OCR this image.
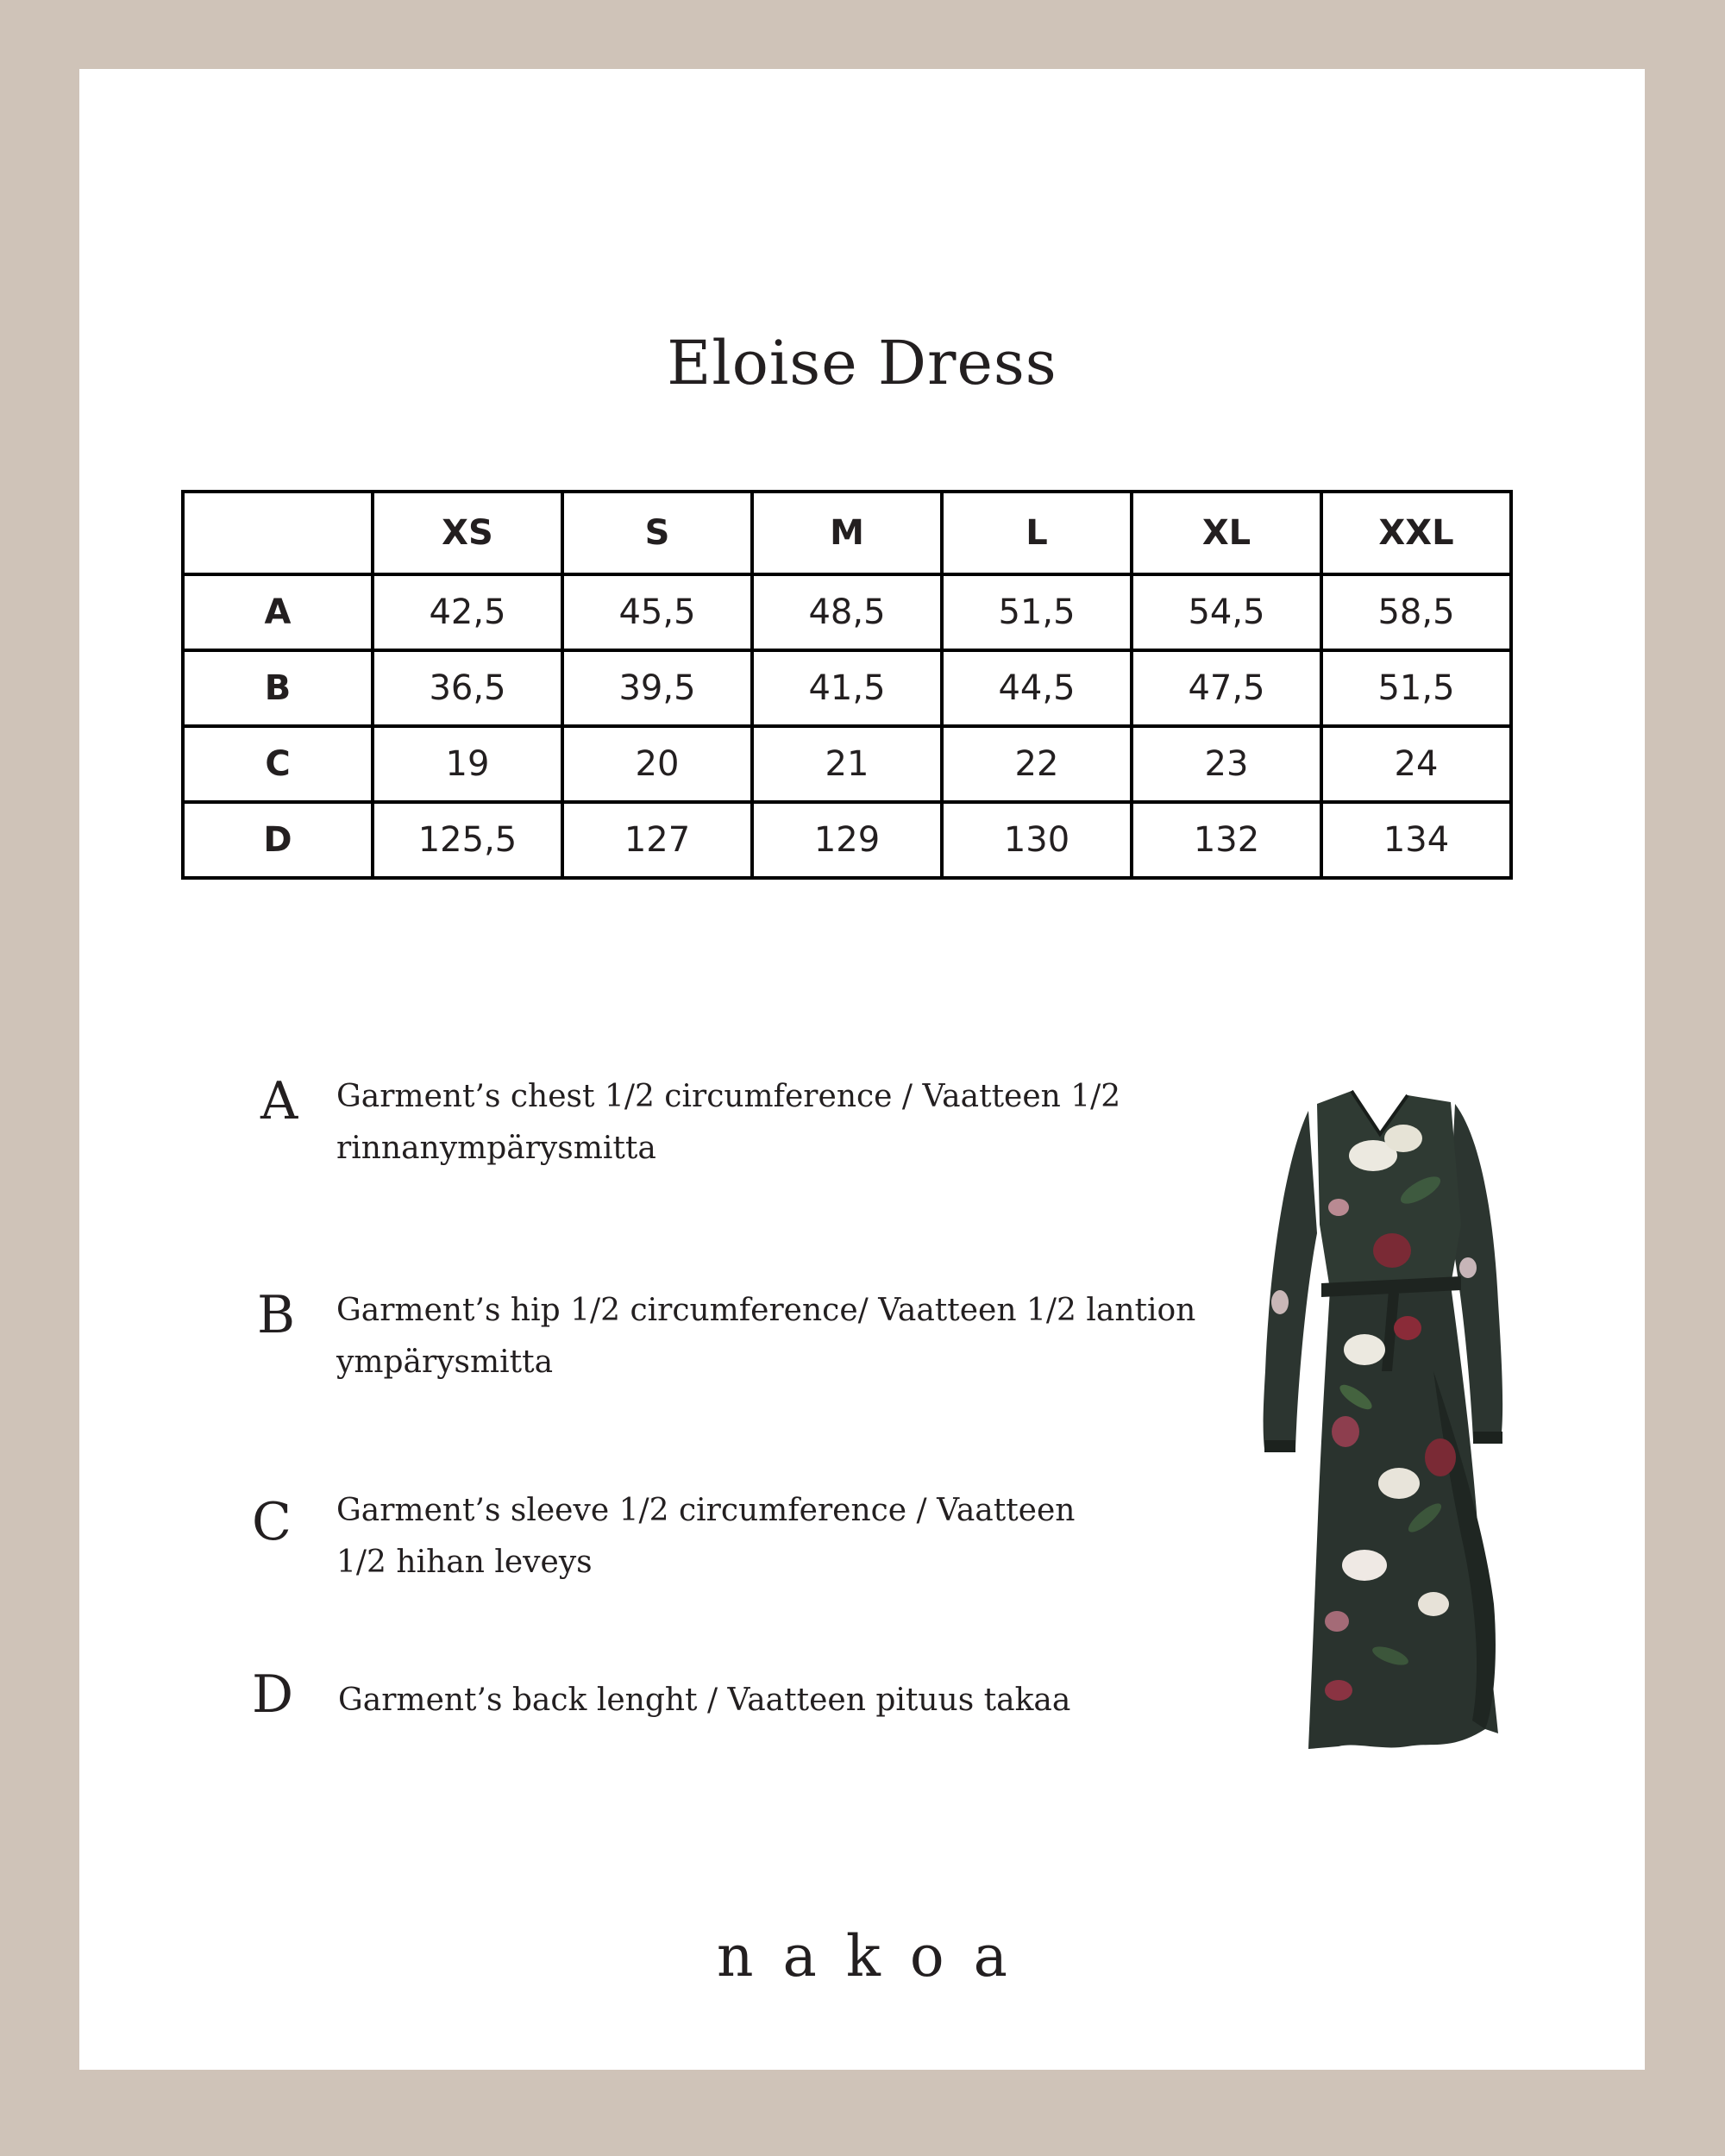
Eloise Dress
	XS	S	M	L	XL	XXL
A	42,5	45,5	48,5	51,5	54,5	58,5
B	36,5	39,5	41,5	44,5	47,5	51,5
C	19	20	21	22	23	24
D	125,5	127	129	130	132	134
A Garment’s chest 1/2 circumference / Vaatteen 1/2
rinnanympärysmitta
B Garment’s hip 1/2 circumference/ Vaatteen 1/2 lantion
ympärysmitta
C Garment’s sleeve 1/2 circumference / Vaatteen
1/2 hihan leveys
D Garment’s back lenght / Vaatteen pituus takaa
nakoa
